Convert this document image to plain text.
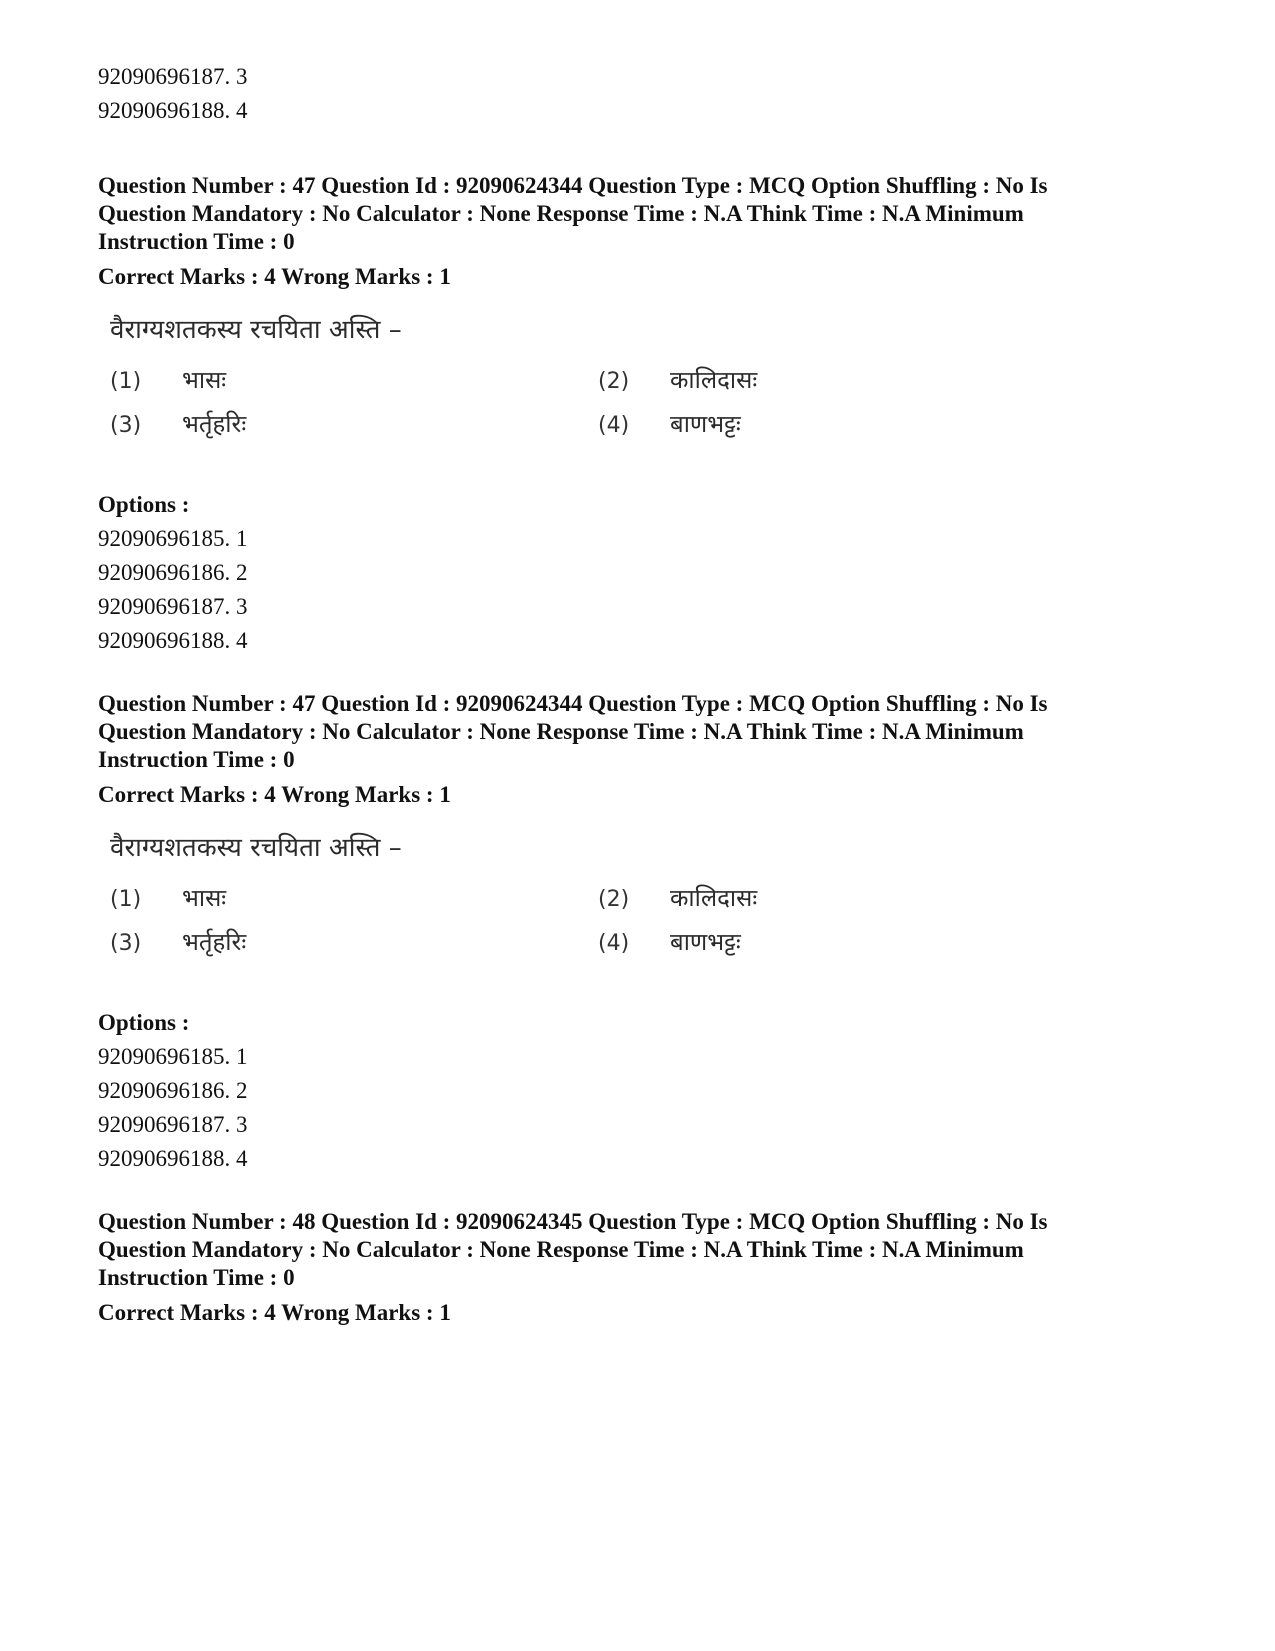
92090696187. 3
92090696188. 4
Question Number : 47 Question Id : 92090624344 Question Type : MCQ Option Shuffling : No Is
Question Mandatory : No Calculator : None Response Time : N.A Think Time : N.A Minimum
Instruction Time : 0
Correct Marks : 4 Wrong Marks : 1
वैराग्यशतकस्य रचयिता अस्ति –
(1) भासः	(2) कालिदासः
(3) भर्तृहरिः	(4) बाणभट्टः
Options :
92090696185. 1
92090696186. 2
92090696187. 3
92090696188. 4
Question Number : 47 Question Id : 92090624344 Question Type : MCQ Option Shuffling : No Is
Question Mandatory : No Calculator : None Response Time : N.A Think Time : N.A Minimum
Instruction Time : 0
Correct Marks : 4 Wrong Marks : 1
वैराग्यशतकस्य रचयिता अस्ति –
(1) भासः	(2) कालिदासः
(3) भर्तृहरिः	(4) बाणभट्टः
Options :
92090696185. 1
92090696186. 2
92090696187. 3
92090696188. 4
Question Number : 48 Question Id : 92090624345 Question Type : MCQ Option Shuffling : No Is
Question Mandatory : No Calculator : None Response Time : N.A Think Time : N.A Minimum
Instruction Time : 0
Correct Marks : 4 Wrong Marks : 1
